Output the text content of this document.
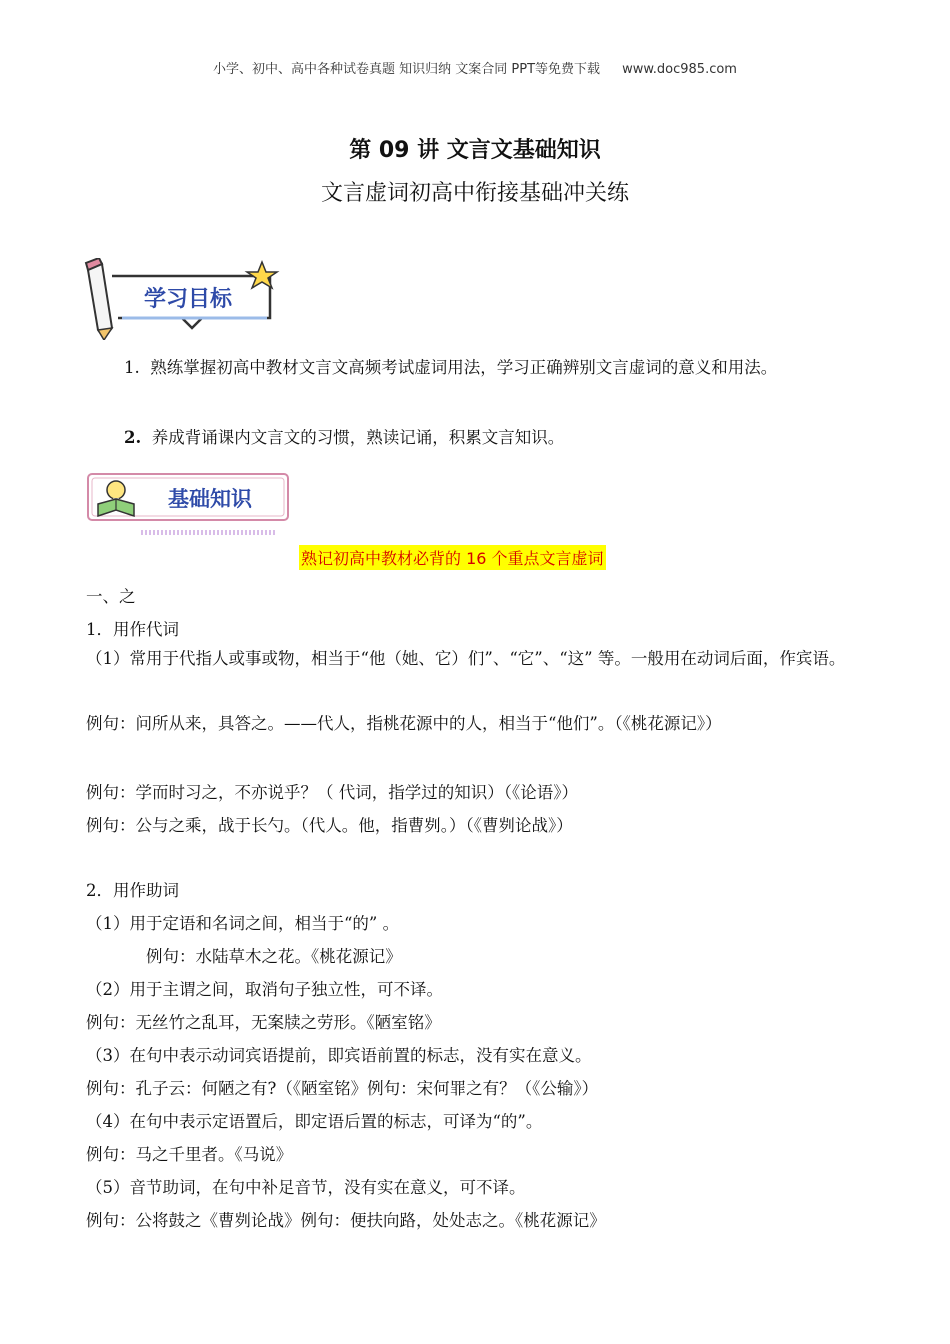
小学、初中、高中各种试卷真题 知识归纳 文案合同 PPT等免费下载 www.doc985.com
第 09 讲 文言文基础知识
文言虚词初高中衔接基础冲关练
学习目标
1. 熟练掌握初高中教材文言文高频考试虚词用法，学习正确辨别文言虚词的意义和用法。
2. 养成背诵课内文言文的习惯，熟读记诵，积累文言知识。
基础知识
熟记初高中教材必背的 16 个重点文言虚词
一、之
1．用作代词
（1）常用于代指人或事或物，相当于“他（她、它）们”、“它”、“这” 等。一般用在动词后面，作宾语。
例句：问所从来，具答之。——代人，指桃花源中的人，相当于“他们”。（《桃花源记》）
例句：学而时习之，不亦说乎？（ 代词，指学过的知识）（《论语》）
例句：公与之乘，战于长勺。（代人。他，指曹刿。）（《曹刿论战》）
2．用作助词
（1）用于定语和名词之间，相当于“的” 。
例句：水陆草木之花。《桃花源记》
（2）用于主谓之间，取消句子独立性，可不译。
例句：无丝竹之乱耳，无案牍之劳形。《陋室铭》
（3）在句中表示动词宾语提前，即宾语前置的标志，没有实在意义。
例句：孔子云：何陋之有?（《陋室铭》例句：宋何罪之有？（《公输》）
（4）在句中表示定语置后，即定语后置的标志，可译为“的”。
例句：马之千里者。《马说》
（5）音节助词，在句中补足音节，没有实在意义，可不译。
例句：公将鼓之《曹刿论战》例句：便扶向路，处处志之。《桃花源记》
